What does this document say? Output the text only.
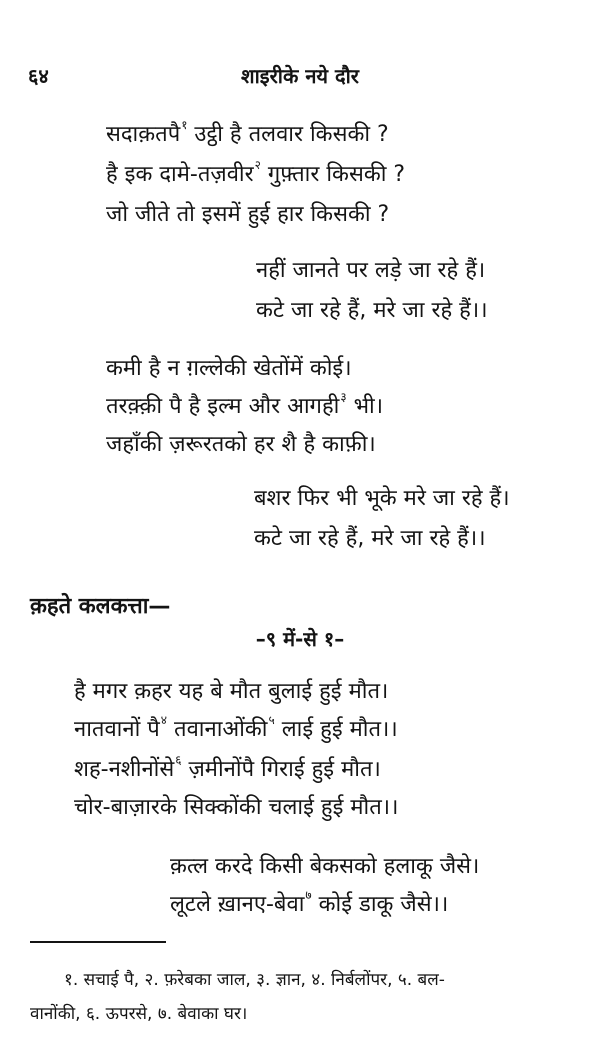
६४	शाइरीके नये दौर
सदाक़तपै$^१$ उट्ठी है तलवार किसकी ?
है इक दामे-तज़वीर$^२$ गुफ़्तार किसकी ?
जो जीते तो इसमें हुई हार किसकी ?
नहीं जानते पर लड़े जा रहे हैं।
कटे जा रहे हैं, मरे जा रहे हैं।।
कमी है न ग़ल्लेकी खेतोंमें कोई।
तरक़्क़ी पै है इल्म और आगही$^३$ भी।
जहाँकी ज़रूरतको हर शै है काफ़ी।
बशर फिर भी भूके मरे जा रहे हैं।
कटे जा रहे हैं, मरे जा रहे हैं।।
क़हते कलकत्ता—
–९ में-से १–
है मगर क़हर यह बे मौत बुलाई हुई मौत।
नातवानों पै$^४$ तवानाओंकी$^५$ लाई हुई मौत।।
शह-नशीनोंसे$^६$ ज़मीनोंपै गिराई हुई मौत।
चोर-बाज़ारके सिक्कोंकी चलाई हुई मौत।।
क़त्ल करदे किसी बेकसको हलाकू जैसे।
लूटले ख़ानए-बेवा$^७$ कोई डाकू जैसे।।
१. सचाई पै, २. फ़रेबका जाल, ३. ज्ञान, ४. निर्बलोंपर, ५. बल-
वानोंकी, ६. ऊपरसे, ७. बेवाका घर।
